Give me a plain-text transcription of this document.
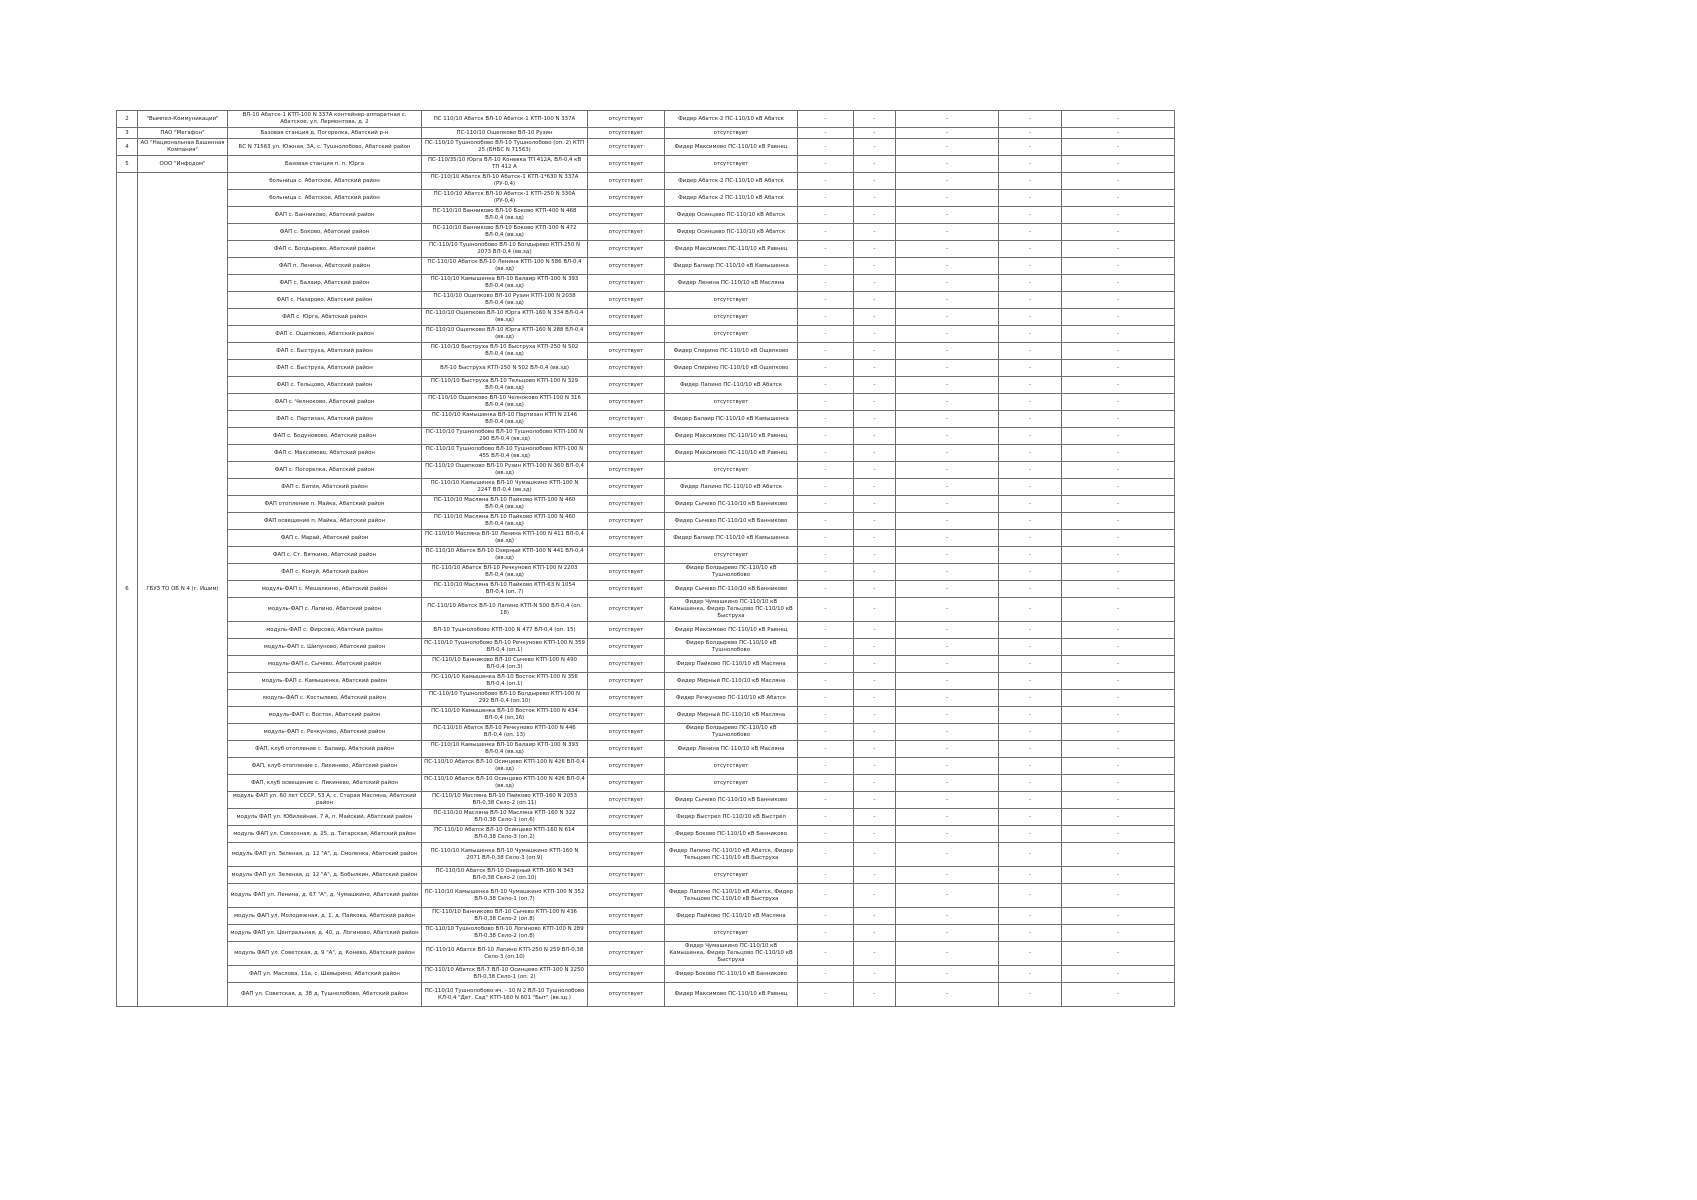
2	"Вымпел-Коммуникации"	ВЛ-10 Абатск-1 КТП-100 N 337А контейнер-аппаратная с. Абатское, ул. Лермонтова, д. 2	ПС 110/10 Абатск ВЛ-10 Абатск-1 КТП-100 N 337А	отсутствует	Фидер Абатск-2 ПС-110/10 кВ Абатск	-	-	-	-	-
3	ПАО "Мегафон"	Базовая станция д. Погорелка, Абатский р-н	ПС-110/10 Ощепково ВЛ-10 Рузин	отсутствует	отсутствует	-	-	-	-	-
4	АО "Национальная Башенная Компания"	БС N 71563 ул. Южная, 3А, с. Тушнолобово, Абатский район	ПС-110/10 Тушнолобово ВЛ-10 Тушнолобово (оп. 2) КТП 25 (БНБС N 71563)	отсутствует	Фидер Максимово ПС-110/10 кВ Равнец	-	-	-	-	-
5	ООО "Инфодом"	Базовая станция п. п. Юрга	ПС-110/35/10 Юрга ВЛ-10 Коневка ТП 412А, ВЛ-0,4 кВ ТП 412 А	отсутствует	отсутствует	-	-	-	-	-
6	ГБУЗ ТО ОБ N 4 (г. Ишим)	больница с. Абатское, Абатский район	ПС-110/10 Абатск ВЛ-10 Абатск-1 КТП-1*630 N 337А (РУ-0,4)	отсутствует	Фидер Абатск-2 ПС-110/10 кВ Абатск	-	-	-	-	-
		больница с. Абатское, Абатский район	ПС-110/10 Абатск ВЛ-10 Абатск-1 КТП-250 N 330А (РУ-0,4)	отсутствует	Фидер Абатск-2 ПС-110/10 кВ Абатск	-	-	-	-	-
		ФАП с. Банниково, Абатский район	ПС-110/10 Банниково ВЛ-10 Боково КТП-400 N 468 ВЛ-0,4 (вв.зд)	отсутствует	Фидер Осинцево ПС-110/10 кВ Абатск	-	-	-	-	-
		ФАП с. Боково, Абатский район	ПС-110/10 Банниково ВЛ-10 Боково КТП-100 N 472 ВЛ-0,4 (вв.зд)	отсутствует	Фидер Осинцево ПС-110/10 кВ Абатск	-	-	-	-	-
		ФАП с. Болдырево, Абатский район	ПС-110/10 Тушнолобово ВЛ-10 Болдырево КТП-250 N 2073 ВЛ-0,4 (вв.зд)	отсутствует	Фидер Максимово ПС-110/10 кВ Равнец	-	-	-	-	-
		ФАП п. Ленина, Абатский район	ПС-110/10 Абатск ВЛ-10 Ленина КТП-100 N 586 ВЛ-0,4 (вв.зд)	отсутствует	Фидер Балаир ПС-110/10 кВ Камышенка	-	-	-	-	-
		ФАП с. Балаир, Абатский район	ПС-110/10 Камышенка ВЛ-10 Балаир КТП-100 N 393 ВЛ-0,4 (вв.зд)	отсутствует	Фидер Ленина ПС-110/10 кВ Масляна	-	-	-	-	-
		ФАП с. Назарово, Абатский район	ПС-110/10 Ощепково ВЛ-10 Рузин КТП-100 N 2038 ВЛ-0,4 (вв.зд)	отсутствует	отсутствует	-	-	-	-	-
		ФАП с. Юрга, Абатский район	ПС-110/10 Ощепково ВЛ-10 Юрга КТП-160 N 334 ВЛ-0,4 (вв.зд)	отсутствует	отсутствует	-	-	-	-	-
		ФАП с. Ощепково, Абатский район	ПС-110/10 Ощепково ВЛ-10 Юрга КТП-160 N 288 ВЛ-0,4 (вв.зд)	отсутствует	отсутствует	-	-	-	-	-
		ФАП с. Быструха, Абатский район	ПС-110/10 Быструха ВЛ-10 Быструха КТП-250 N 502 ВЛ-0,4 (вв.зд)	отсутствует	Фидер Спирино ПС-110/10 кВ Ощепково	-	-	-	-	-
		ФАП с. Быструха, Абатский район	ВЛ-10 Быструха КТП-250 N 502 ВЛ-0,4 (вв.зд)	отсутствует	Фидер Спирино ПС-110/10 кВ Ощепково	-	-	-	-	-
		ФАП с. Тельцово, Абатский район	ПС-110/10 Быструха ВЛ-10 Тельцово КТП-100 N 329 ВЛ-0,4 (вв.зд)	отсутствует	Фидер Лапино ПС-110/10 кВ Абатск	-	-	-	-	-
		ФАП с. Челноково, Абатский район	ПС-110/10 Ощепково ВЛ-10 Челноково КТП-100 N 316 ВЛ-0,4 (вв.зд)	отсутствует	отсутствует	-	-	-	-	-
		ФАП с. Партизан, Абатский район	ПС-110/10 Камышенка ВЛ-10 Партизан КТП N 2146 ВЛ-0,4 (вв.зд)	отсутствует	Фидер Балаир ПС-110/10 кВ Камышенка	-	-	-	-	-
		ФАП с. Бодуновово, Абатский район	ПС-110/10 Тушнолобово ВЛ-10 Тушнолобово КТП-100 N 290 ВЛ-0,4 (вв.зд)	отсутствует	Фидер Максимово ПС-110/10 кВ Равнец	-	-	-	-	-
		ФАП с. Максимово, Абатский район	ПС-110/10 Тушнолобово ВЛ-10 Тушнолобово КТП-100 N 455 ВЛ-0,4 (вв.зд)	отсутствует	Фидер Максимово ПС-110/10 кВ Равнец	-	-	-	-	-
		ФАП с. Погорелка, Абатский район	ПС-110/10 Ощепково ВЛ-10 Рузин КТП-100 N 360 ВЛ-0,4 (вв.зд)	отсутствует	отсутствует	-	-	-	-	-
		ФАП с. Бития, Абатский район	ПС-110/10 Камышенка ВЛ-10 Чумашкино КТП-100 N 2247 ВЛ-0,4 (вв.зд)	отсутствует	Фидер Лапино ПС-110/10 кВ Абатск	-	-	-	-	-
		ФАП отопление п. Майка, Абатский район	ПС-110/10 Масляна ВЛ-10 Пайково КТП-100 N 460 ВЛ-0,4 (вв.зд)	отсутствует	Фидер Сычево ПС-110/10 кВ Банниково	-	-	-	-	-
		ФАП освещение п. Майка, Абатский район	ПС-110/10 Масляна ВЛ-10 Пайково КТП-100 N 460 ВЛ-0,4 (вв.зд)	отсутствует	Фидер Сычево ПС-110/10 кВ Банниково	-	-	-	-	-
		ФАП с. Марай, Абатский район	ПС-110/10 Масляна ВЛ-10 Ленина КТП-100 N 411 ВЛ-0,4 (вв.зд)	отсутствует	Фидер Балаир ПС-110/10 кВ Камышенка	-	-	-	-	-
		ФАП с. Ст. Вяткино, Абатский район	ПС-110/10 Абатск ВЛ-10 Озерный КТП-100 N 441 ВЛ-0,4 (вв.зд)	отсутствует	отсутствует	-	-	-	-	-
		ФАП с. Конуй, Абатский район	ПС-110/10 Абатск ВЛ-10 Речкуново КТП-100 N 2203 ВЛ-0,4 (вв.зд)	отсутствует	Фидер Болдырево ПС-110/10 кВ Тушнолобово	-	-	-	-	-
		модуль-ФАП с. Мешалкино, Абатский район	ПС-110/10 Масляна ВЛ-10 Пайково КТП-63 N 1054 ВЛ-0,4 (оп. 7)	отсутствует	Фидер Сычево ПС-110/10 кВ Банниково	-	-	-	-	-
		модуль-ФАП с. Лапино, Абатский район	ПС-110/10 Абатск ВЛ-10 Лапино КТП-N 500 ВЛ-0,4 (оп. 18)	отсутствует	Фидер Чумашкино ПС-110/10 кВ Камышенка, Фидер Тельцово ПС-110/10 кВ Быструха	-	-	-	-	-
		модуль-ФАП с. Фирсово, Абатский район	ВЛ-10 Тушнолобово КТП-100 N 477 ВЛ-0,4 (оп. 15)	отсутствует	Фидер Максимово ПС-110/10 кВ Равнец	-	-	-	-	-
		модуль-ФАП с. Шипуново, Абатский район	ПС-110/10 Тушнолобово ВЛ-10 Речкуново КТП-100 N 359 ВЛ-0,4 (оп.1)	отсутствует	Фидер Болдырево ПС-110/10 кВ Тушнолобово	-	-	-	-	-
		модуль-ФАП с. Сычево, Абатский район	ПС-110/10 Банниково ВЛ-10 Сычево КТП-100 N 490 ВЛ-0,4 (оп.3)	отсутствует	Фидер Пайково ПС-110/10 кВ Масляна	-	-	-	-	-
		модуль-ФАП с. Камышенка, Абатский район	ПС-110/10 Камышенка ВЛ-10 Восток КТП-100 N 356 ВЛ-0,4 (оп.1)	отсутствует	Фидер Мирный ПС-110/10 кВ Масляна	-	-	-	-	-
		модуль-ФАП с. Костылево, Абатский район	ПС-110/10 Тушнолобово ВЛ-10 Болдырево КТП-100 N 292 ВЛ-0,4 (оп.10)	отсутствует	Фидер Речкуново ПС-110/10 кВ Абатск	-	-	-	-	-
		модуль-ФАП с. Восток, Абатский район	ПС-110/10 Камышенка ВЛ-10 Восток КТП-100 N 434 ВЛ-0,4 (оп.16)	отсутствует	Фидер Мирный ПС-110/10 кВ Масляна	-	-	-	-	-
		модуль-ФАП с. Речкуново, Абатский район	ПС-110/10 Абатск ВЛ-10 Речкуново КТП-100 N 446 ВЛ-0,4 (оп. 13)	отсутствует	Фидер Болдырево ПС-110/10 кВ Тушнолобово	-	-	-	-	-
		ФАП, клуб отопление с. Балаир, Абатский район	ПС-110/10 Камышенка ВЛ-10 Балаир КТП-100 N 393 ВЛ-0,4 (вв.зд)	отсутствует	Фидер Ленина ПС-110/10 кВ Масляна	-	-	-	-	-
		ФАП, клуб отопление с. Ликинево, Абатский район	ПС-110/10 Абатск ВЛ-10 Осинцево КТП-100 N 426 ВЛ-0,4 (вв.зд)	отсутствует	отсутствует	-	-	-	-	-
		ФАП, клуб освещение с. Ликинево, Абатский район	ПС-110/10 Абатск ВЛ-10 Осинцево КТП-100 N 426 ВЛ-0,4 (вв.зд)	отсутствует	отсутствует	-	-	-	-	-
		модуль ФАП ул. 60 лет СССР, 53 А, с. Старая Масляна, Абатский район	ПС-110/10 Масляна ВЛ-10 Пайково КТП-160 N 2053 ВЛ-0,38 Село-2 (оп.11)	отсутствует	Фидер Сычево ПС-110/10 кВ Банниково	-	-	-	-	-
		модуль ФАП ул. Юбилейная, 7 А, п. Майский, Абатский район	ПС-110/10 Масляна ВЛ-10 Масляна КТП-160 N 322 ВЛ-0,38 Село-1 (оп.6)	отсутствует	Фидер Выстрел ПС-110/10 кВ Выстрел	-	-	-	-	-
		модуль ФАП ул. Совхозная, д. 25, д. Татарская, Абатский район	ПС-110/10 Абатск ВЛ-10 Осинцево КТП-160 N 614 ВЛ-0,38 Село-3 (оп.2)	отсутствует	Фидер Боково ПС-110/10 кВ Банниково	-	-	-	-	-
		модуль ФАП ул. Зеленая, д. 12 "А", д. Смоленка, Абатский район	ПС-110/10 Камышенка ВЛ-10 Чумашкино КТП-160 N 2071 ВЛ-0,38 Село-3 (оп.9)	отсутствует	Фидер Лапино ПС-110/10 кВ Абатск, Фидер Тельцово ПС-110/10 кВ Быструха	-	-	-	-	-
		модуль ФАП ул. Зеленая, д. 12 "А", д. Бобылкин, Абатский район	ПС-110/10 Абатск ВЛ-10 Озерный КТП-160 N 343 ВЛ-0,38 Село-2 (оп.10)	отсутствует	отсутствует	-	-	-	-	-
		модуль ФАП ул. Ленина, д. 67 "А", д. Чумашкино, Абатский район	ПС-110/10 Камышенка ВЛ-10 Чумашкино КТП-100 N 352 ВЛ-0,38 Село-1 (оп.7)	отсутствует	Фидер Лапино ПС-110/10 кВ Абатск, Фидер Тельцово ПС-110/10 кВ Быструха	-	-	-	-	-
		модуль ФАП ул. Молодежная, д. 1, д. Пайкова, Абатский район	ПС-110/10 Банниково ВЛ-10 Сычево КТП-100 N 436 ВЛ-0,38 Село-2 (оп.8)	отсутствует	Фидер Пайково ПС-110/10 кВ Масляна	-	-	-	-	-
		модуль ФАП ул. Центральная, д. 40, д. Логиново, Абатский район	ПС-110/10 Тушнолобово ВЛ-10 Логиново КТП-100 N 289 ВЛ-0,38 Село-2 (оп.8)	отсутствует	отсутствует	-	-	-	-	-
		модуль ФАП ул. Советская, д. 9 "А", д. Конево, Абатский район	ПС-110/10 Абатск ВЛ-10 Лапино КТП-250 N 259 ВЛ-0,38 Село-3 (оп.10)	отсутствует	Фидер Чумашкино ПС-110/10 кВ Камышенка, Фидер Тельцово ПС-110/10 кВ Быструха	-	-	-	-	-
		ФАП ул. Маслова, 11а, с. Шевырино, Абатский район	ПС-110/10 Абатск ВЛ-7 ВЛ-10 Осинцево КТП-100 N 2250 ВЛ-0,38 Село-1 (оп. 2)	отсутствует	Фидер Боково ПС-110/10 кВ Банниково	-	-	-	-	-
		ФАП ул. Советская, д. 38 д, Тушнолобово, Абатский район	ПС-110/10 Тушнолобово яч. - 10 N 2 ВЛ-10 Тушнолобово КЛ-0,4 "Дет. Сад" КТП-160 N 601 "Быт" (вв.зд.)	отсутствует	Фидер Максимово ПС-110/10 кВ Равнец	-	-	-	-	-
